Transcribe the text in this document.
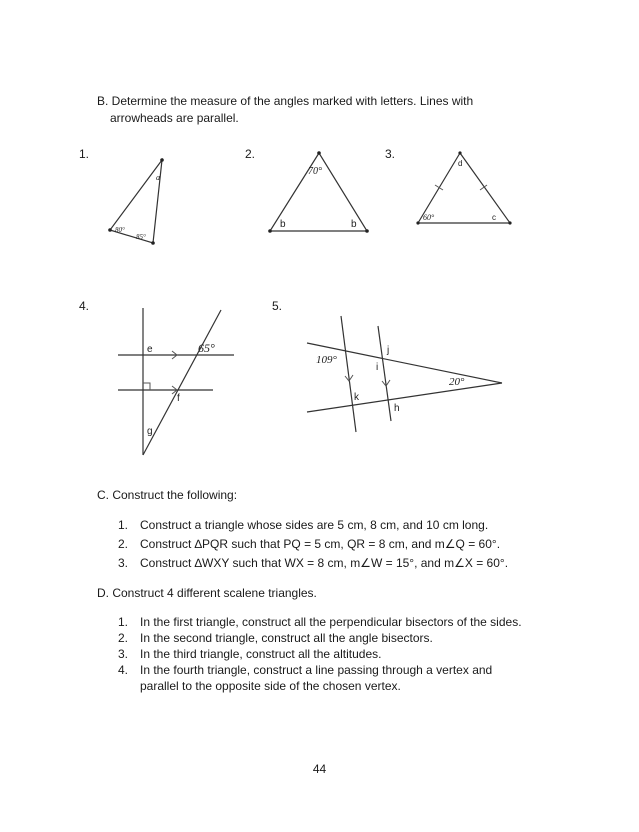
B. Determine the measure of the angles marked with letters. Lines with
arrowheads are parallel.
1.	2.	3.
4.	5.
a
80°
85°
70°
b	b
d
60°	c
e	65°
f
g
109°
j
i
20°
k
h
C. Construct the following:
1. Construct a triangle whose sides are 5 cm, 8 cm, and 10 cm long.
2. Construct ∆PQR such that PQ = 5 cm, QR = 8 cm, and m∠Q = 60°.
3. Construct ∆WXY such that WX = 8 cm, m∠W = 15°, and m∠X = 60°.
D. Construct 4 different scalene triangles.
1. In the first triangle, construct all the perpendicular bisectors of the sides.
2. In the second triangle, construct all the angle bisectors.
3. In the third triangle, construct all the altitudes.
4. In the fourth triangle, construct a line passing through a vertex and
parallel to the opposite side of the chosen vertex.
44
